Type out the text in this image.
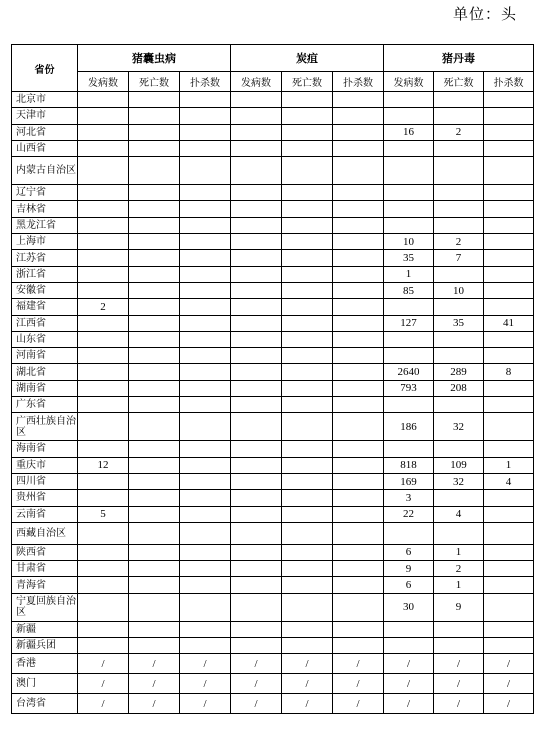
单位：头
省份	猪囊虫病			炭疽			猪丹毒		
	发病数	死亡数	扑杀数	发病数	死亡数	扑杀数	发病数	死亡数	扑杀数
北京市									
天津市									
河北省							16	2	
山西省									
内蒙古自治区									
辽宁省									
吉林省									
黑龙江省									
上海市							10	2	
江苏省							35	7	
浙江省							1		
安徽省							85	10	
福建省	2								
江西省							127	35	41
山东省									
河南省									
湖北省							2640	289	8
湖南省							793	208	
广东省									
广西壮族自治区							186	32	
海南省									
重庆市	12						818	109	1
四川省							169	32	4
贵州省							3		
云南省	5						22	4	
西藏自治区									
陕西省							6	1	
甘肃省							9	2	
青海省							6	1	
宁夏回族自治区							30	9	
新疆									
新疆兵团									
香港	/	/	/	/	/	/	/	/	/
澳门	/	/	/	/	/	/	/	/	/
台湾省	/	/	/	/	/	/	/	/	/
